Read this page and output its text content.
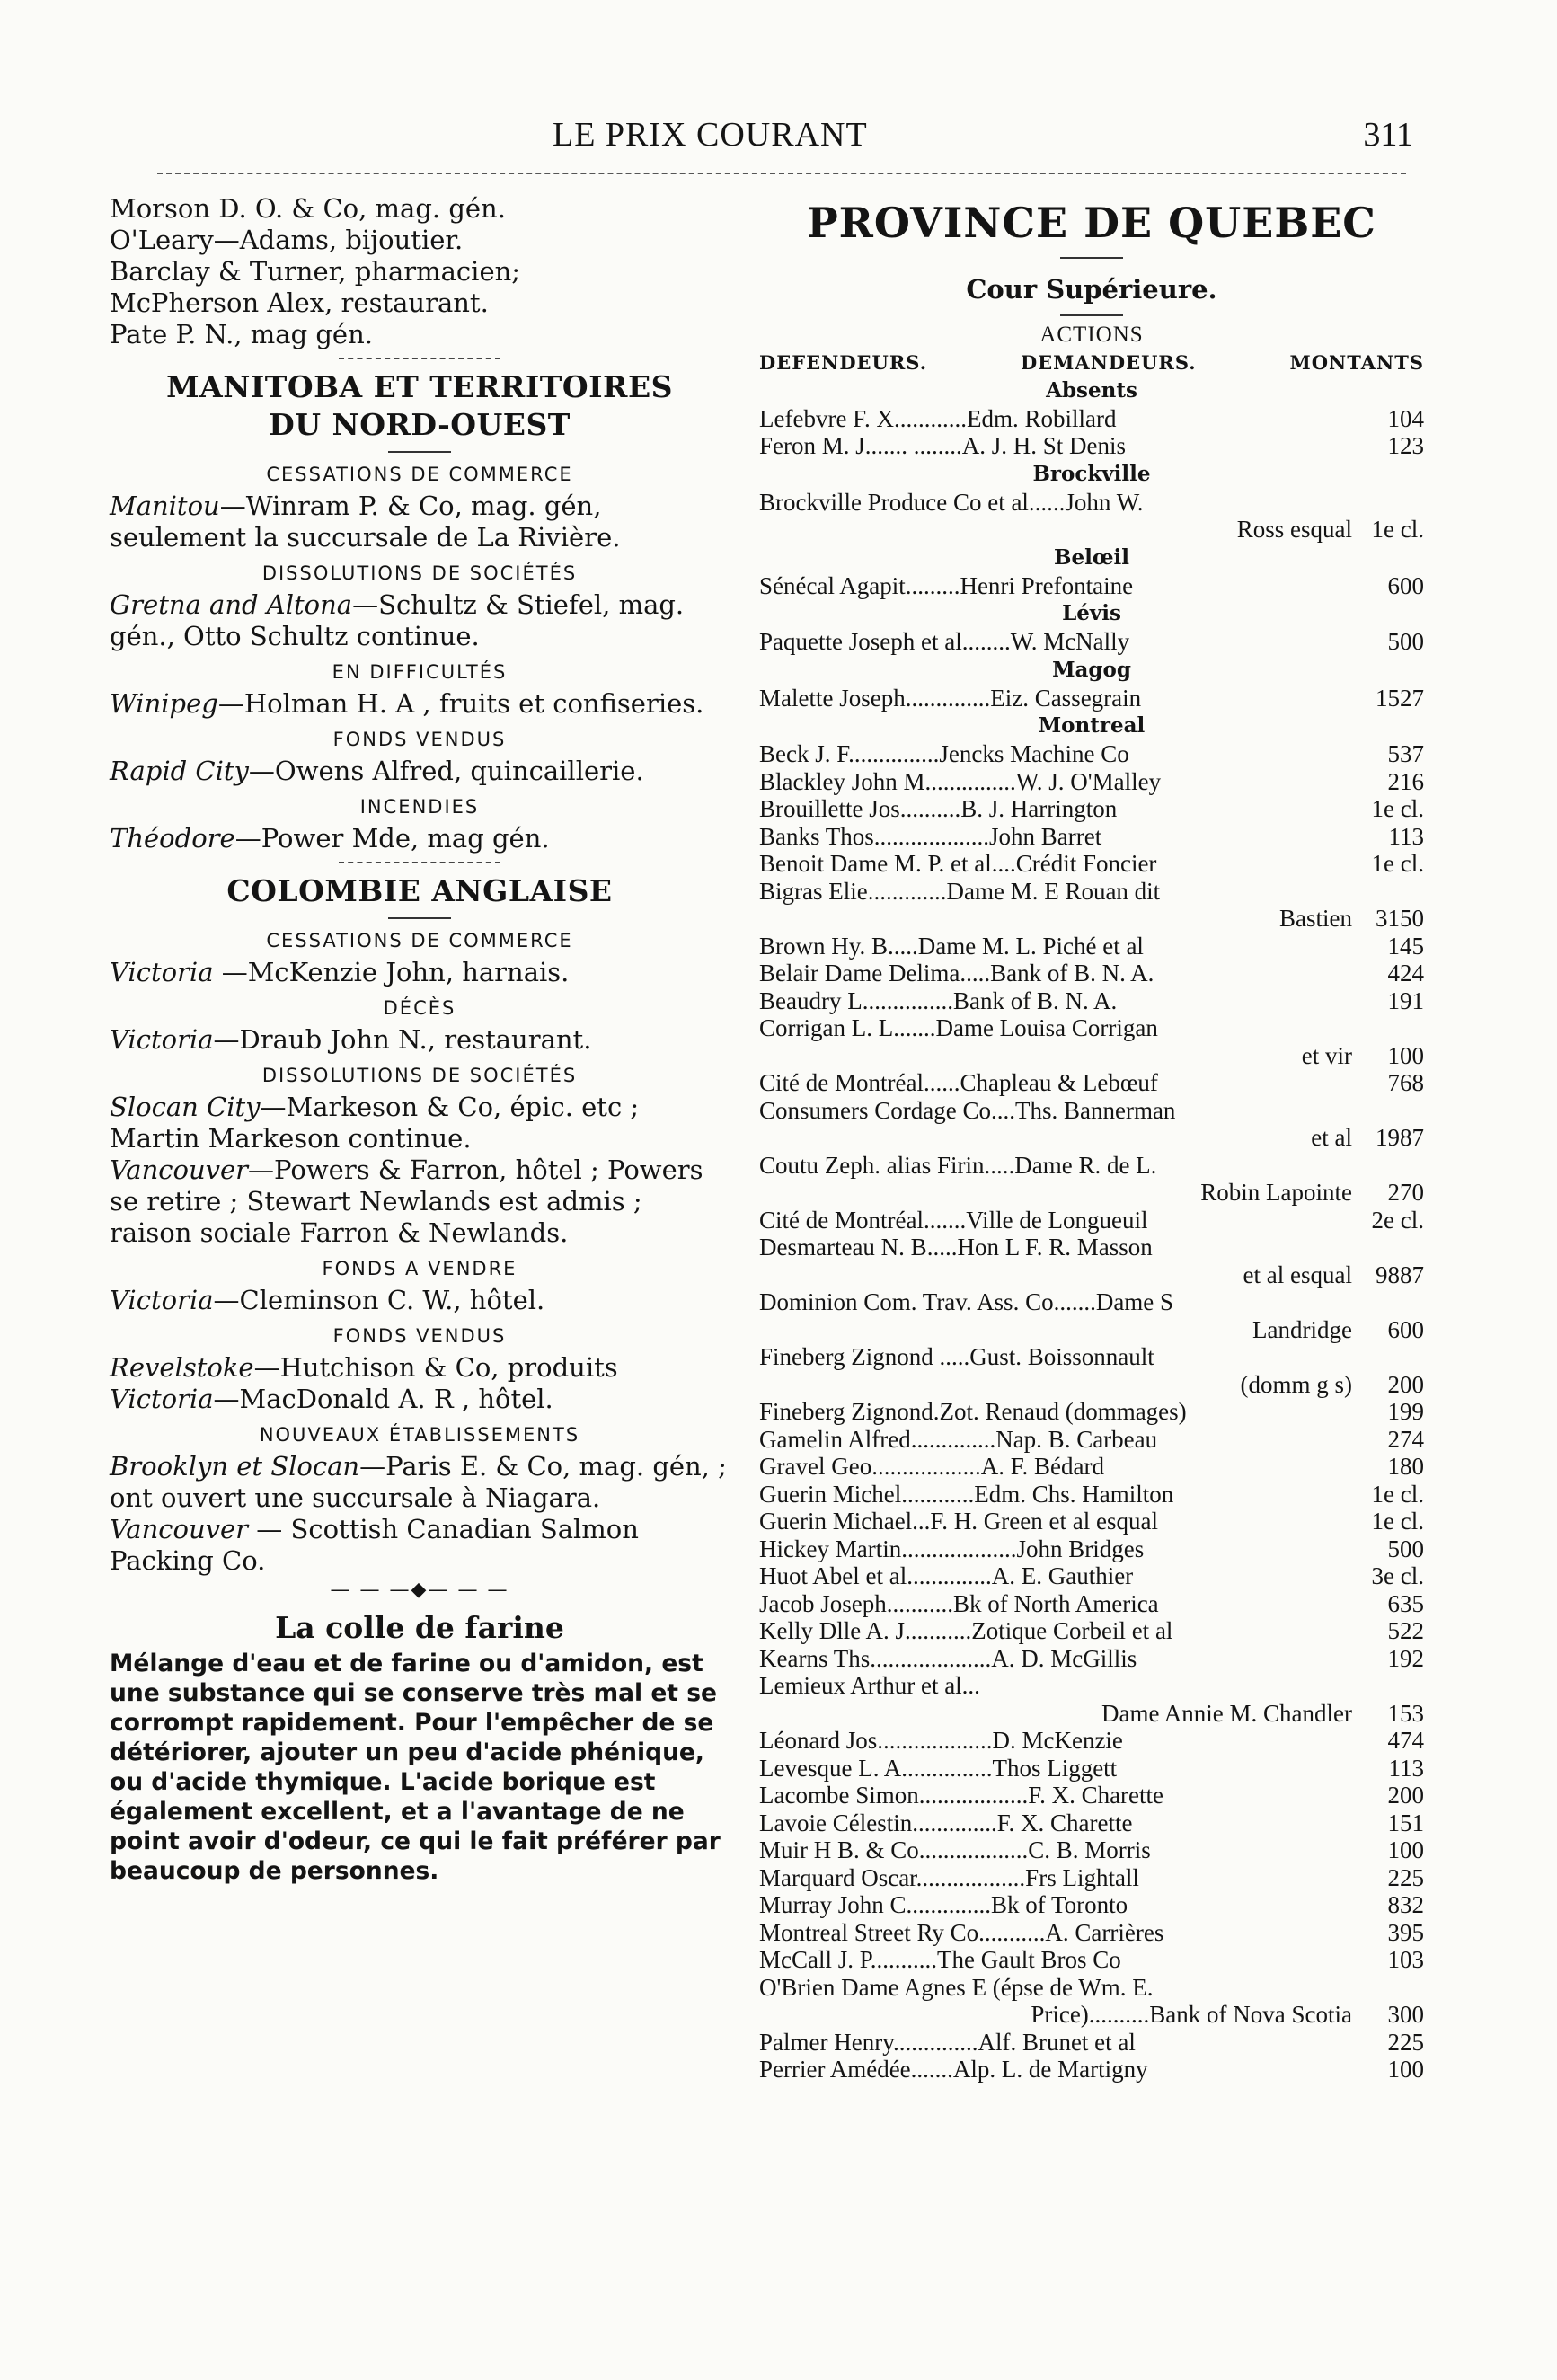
LE PRIX COURANT	311
Morson D. O. & Co, mag. gén.
O'Leary—Adams, bijoutier.
Barclay & Turner, pharmacien;
McPherson Alex, restaurant.
Pate P. N., mag gén.
MANITOBA ET TERRITOIRES
DU NORD-OUEST
CESSATIONS DE COMMERCE

Manitou—Winram P. & Co, mag. gén, seulement la succursale de La Rivière.

DISSOLUTIONS DE SOCIÉTÉS

Gretna and Altona—Schultz & Stiefel, mag. gén., Otto Schultz continue.

EN DIFFICULTÉS

Winipeg—Holman H. A , fruits et confiseries.

FONDS VENDUS

Rapid City—Owens Alfred, quincaillerie.

INCENDIES

Théodore—Power Mde, mag gén.

COLOMBIE ANGLAISE
CESSATIONS DE COMMERCE

Victoria —McKenzie John, harnais.

DÉCÈS

Victoria—Draub John N., restaurant.

DISSOLUTIONS DE SOCIÉTÉS

Slocan City—Markeson & Co, épic. etc ; Martin Markeson continue.

Vancouver—Powers & Farron, hôtel ; Powers se retire ; Stewart Newlands est admis ; raison sociale Farron & Newlands.

FONDS A VENDRE

Victoria—Cleminson C. W., hôtel.

FONDS VENDUS

Revelstoke—Hutchison & Co, produits

Victoria—MacDonald A. R , hôtel.

NOUVEAUX ÉTABLISSEMENTS

Brooklyn et Slocan—Paris E. & Co, mag. gén, ; ont ouvert une succursale à Niagara.

Vancouver — Scottish Canadian Salmon Packing Co.

— — —◆— — —
La colle de farine

Mélange d'eau et de farine ou d'amidon, est une substance qui se conserve très mal et se corrompt rapidement. Pour l'empêcher de se détériorer, ajouter un peu d'acide phénique, ou d'acide thymique. L'acide borique est également excellent, et a l'avantage de ne point avoir d'odeur, ce qui le fait préférer par beaucoup de personnes.

PROVINCE DE QUEBEC
Cour Supérieure.
ACTIONS
DEFENDEURS.	DEMANDEURS.	MONTANTS
Absents
Lefebvre F. X............Edm. Robillard	104
Feron M. J....... ........A. J. H. St Denis	123
Brockville
Brockville Produce Co et al......John W.
Ross esqual 1e cl.
Belœil
Sénécal Agapit.........Henri Prefontaine	600
Lévis
Paquette Joseph et al........W. McNally	500
Magog
Malette Joseph..............Eiz. Cassegrain	1527
Montreal
Beck J. F...............Jencks Machine Co	537
Blackley John M...............W. J. O'Malley	216
Brouillette Jos..........B. J. Harrington	1e cl.
Banks Thos...................John Barret	113
Benoit Dame M. P. et al....Crédit Foncier	1e cl.
Bigras Elie.............Dame M. E Rouan dit
Bastien 3150
Brown Hy. B.....Dame M. L. Piché et al	145
Belair Dame Delima.....Bank of B. N. A.	424
Beaudry L...............Bank of B. N. A.	191
Corrigan L. L.......Dame Louisa Corrigan
et vir	100
Cité de Montréal......Chapleau & Lebœuf	768
Consumers Cordage Co....Ths. Bannerman
et al 1987
Coutu Zeph. alias Firin.....Dame R. de L.
Robin Lapointe	270
Cité de Montréal.......Ville de Longueuil	2e cl.
Desmarteau N. B.....Hon L F. R. Masson
et al esqual 9887
Dominion Com. Trav. Ass. Co.......Dame S
Landridge	600
Fineberg Zignond .....Gust. Boissonnault
(domm g s)	200
Fineberg Zignond.Zot. Renaud (dommages)	199
Gamelin Alfred..............Nap. B. Carbeau	274
Gravel Geo..................A. F. Bédard	180
Guerin Michel............Edm. Chs. Hamilton	1e cl.
Guerin Michael...F. H. Green et al esqual	1e cl.
Hickey Martin...................John Bridges	500
Huot Abel et al..............A. E. Gauthier	3e cl.
Jacob Joseph...........Bk of North America	635
Kelly Dlle A. J...........Zotique Corbeil et al	522
Kearns Ths....................A. D. McGillis	192
Lemieux Arthur et al...
Dame Annie M. Chandler	153
Léonard Jos...................D. McKenzie	474
Levesque L. A...............Thos Liggett	113
Lacombe Simon..................F. X. Charette	200
Lavoie Célestin..............F. X. Charette	151
Muir H B. & Co..................C. B. Morris	100
Marquard Oscar..................Frs Lightall	225
Murray John C..............Bk of Toronto	832
Montreal Street Ry Co...........A. Carrières	395
McCall J. P...........The Gault Bros Co	103
O'Brien Dame Agnes E (épse de Wm. E.
Price)..........Bank of Nova Scotia	300
Palmer Henry..............Alf. Brunet et al	225
Perrier Amédée.......Alp. L. de Martigny	100
